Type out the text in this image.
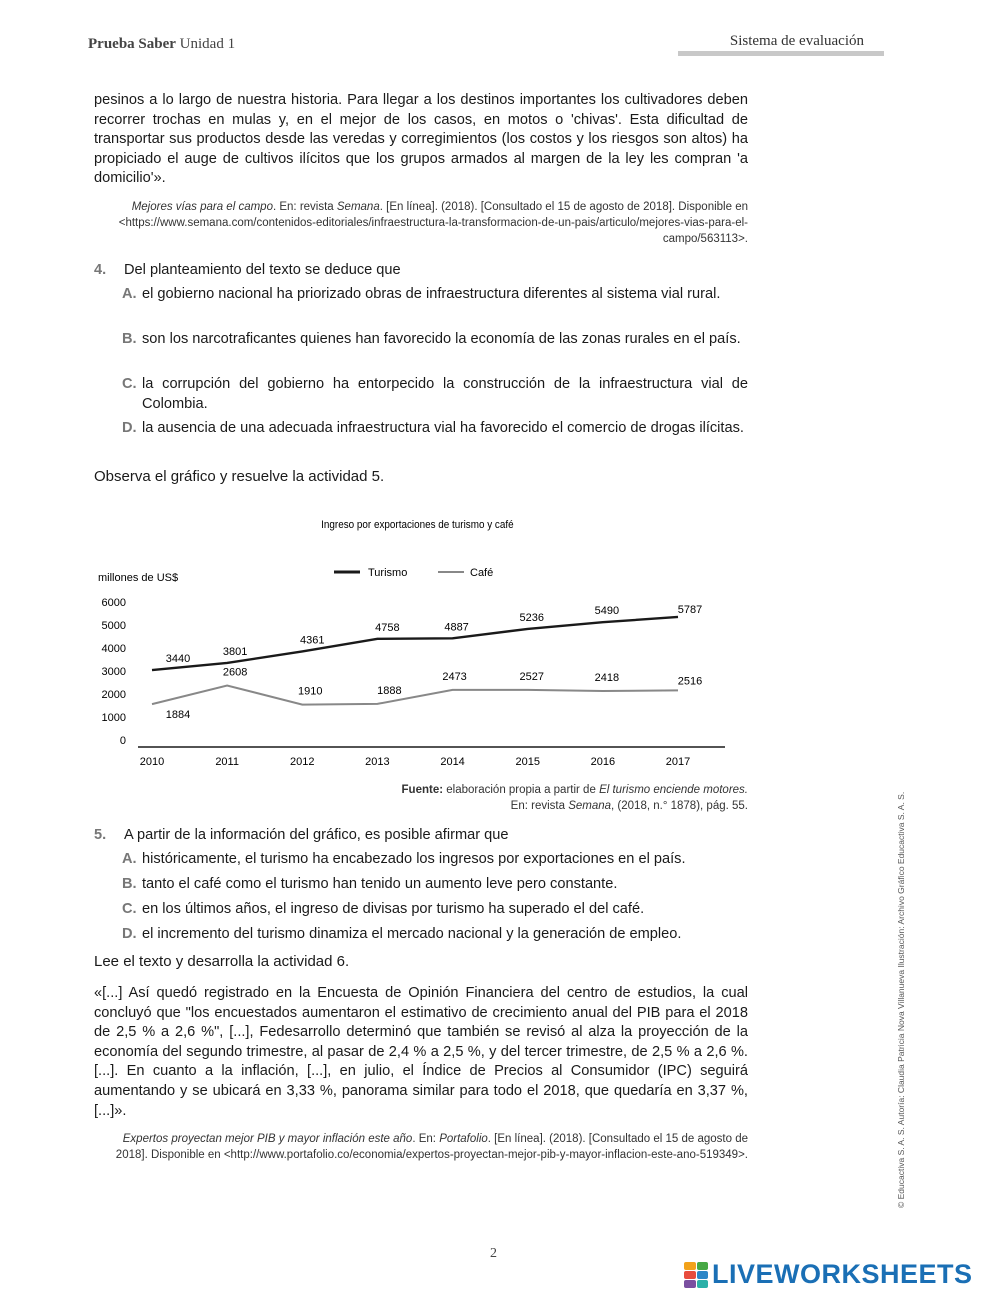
Prueba Saber Unidad 1	Sistema de evaluación

pesinos a lo largo de nuestra historia. Para llegar a los destinos importantes los cultivadores deben recorrer trochas en mulas y, en el mejor de los casos, en motos o 'chivas'. Esta dificultad de transportar sus productos desde las veredas y corregimientos (los costos y los riesgos son altos) ha propiciado el auge de cultivos ilícitos que los grupos armados al margen de la ley les compran 'a domicilio'».

Mejores vías para el campo. En: revista Semana. [En línea]. (2018). [Consultado el 15 de agosto de 2018]. Disponible en <https://www.semana.com/contenidos-editoriales/infraestructura-la-transformacion-de-un-pais/articulo/mejores-vias-para-el-campo/563113>.

4. Del planteamiento del texto se deduce que
A. el gobierno nacional ha priorizado obras de infraestructura diferentes al sistema vial rural.
B. son los narcotraficantes quienes han favorecido la economía de las zonas rurales en el país.
C. la corrupción del gobierno ha entorpecido la construcción de la infraestructura vial de Colombia.
D. la ausencia de una adecuada infraestructura vial ha favorecido el comercio de drogas ilícitas.
Observa el gráfico y resuelve la actividad 5.
Ingreso por exportaciones de turismo y café
millones de US$	Turismo	Café
0
1000
2000
3000
4000
5000
6000
2010	2011	2012	2013	2014	2015	2016	2017
3440
3801
4361
4758	4887
5236
5490	5787
1884
2608
1910	1888
2473	2527	2418	2516
Fuente: elaboración propia a partir de El turismo enciende motores.
En: revista Semana, (2018, n.° 1878), pág. 55.
5. A partir de la información del gráfico, es posible afirmar que
A. históricamente, el turismo ha encabezado los ingresos por exportaciones en el país.
B. tanto el café como el turismo han tenido un aumento leve pero constante.
C. en los últimos años, el ingreso de divisas por turismo ha superado el del café.
D. el incremento del turismo dinamiza el mercado nacional y la generación de empleo.
Lee el texto y desarrolla la actividad 6.

«[...] Así quedó registrado en la Encuesta de Opinión Financiera del centro de estudios, la cual concluyó que "los encuestados aumentaron el estimativo de crecimiento anual del PIB para el 2018 de 2,5 % a 2,6 %", [...], Fedesarrollo determinó que también se revisó al alza la proyección de la economía del segundo trimestre, al pasar de 2,4 % a 2,5 %, y del tercer trimestre, de 2,5 % a 2,6 %. [...]. En cuanto a la inflación, [...], en julio, el Índice de Precios al Consumidor (IPC) seguirá aumentando y se ubicará en 3,33 %, panorama similar para todo el 2018, que quedaría en 3,37 %, [...]».

Expertos proyectan mejor PIB y mayor inflación este año. En: Portafolio. [En línea]. (2018). [Consultado el 15 de agosto de 2018]. Disponible en <http://www.portafolio.co/economia/expertos-proyectan-mejor-pib-y-mayor-inflacion-este-ano-519349>.	© Educactiva S. A. S. Autoría: Claudia Patricia Nova Villanueva Ilustración: Archivo Gráfico Educactiva S. A. S.
2
LIVEWORKSHEETS
